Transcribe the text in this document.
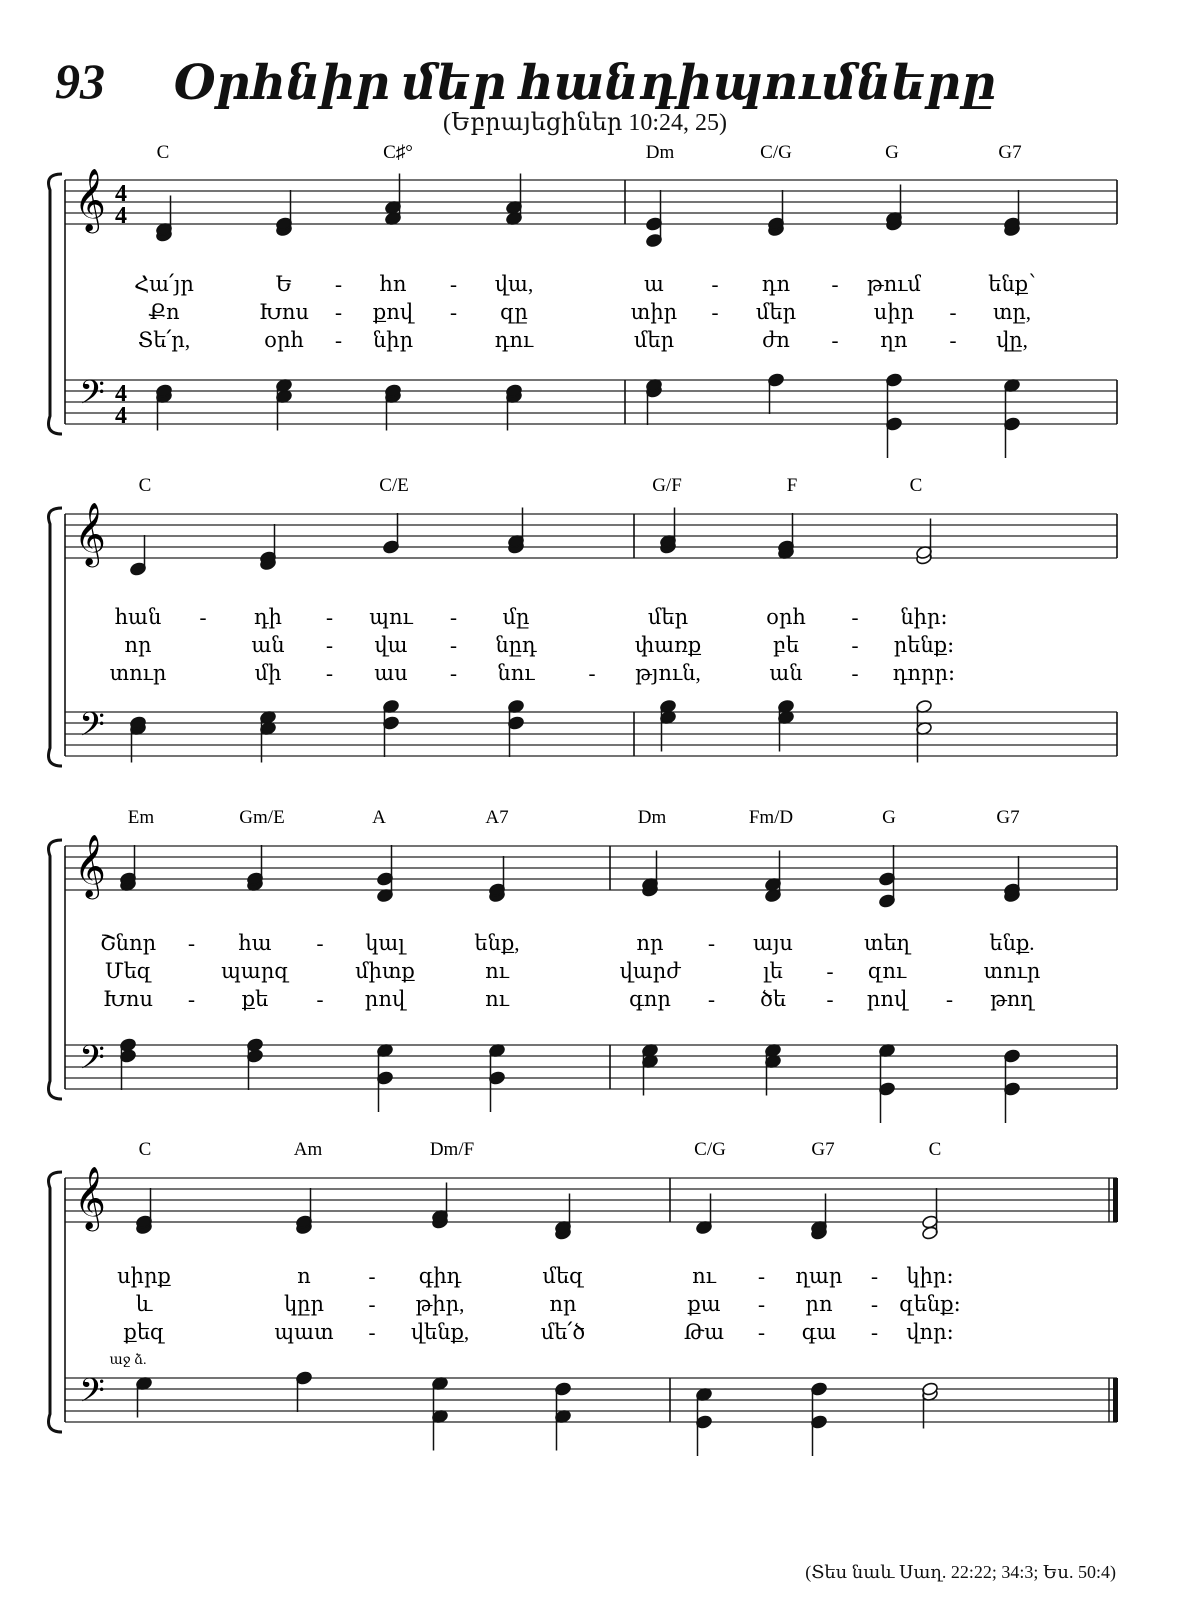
93	Օրհնիր մեր հանդիպումները
(Եբրայեցիներ 10:24, 25)
𝄞
𝄢
4
4
4
4
C	C♯°	Dm	C/G	G	G7
Հա՛յր	Ե	հո	վա,	ա	դո	թում	ենք՝
-	-	-	-
Քո	Խոս	քով	զը	տիր	մեր	սիր	տը,
-	-	-	-
Տե՛ր,	օրհ	նիր	դու	մեր	ժո	ղո	վը,
-	-	-
𝄞
𝄢
C	C/E	G/F	F	C
հան	դի	պու	մը	մեր	օրհ	նիր։
-	-	-	-
որ	ան	վա	նըդ	փառք	բե	րենք։
-	-	-
տուր	մի	աս	նու	թյուն,	ան	դորր։
-	-	-	-
𝄞
𝄢
Em	Gm/E	A	A7	Dm	Fm/D	G	G7
Շնոր	հա	կալ	ենք,	որ	այս	տեղ	ենք.
-	-	-
Մեզ	պարզ	միտք	ու	վարժ	լե	զու	տուր
-
Խոս	քե	րով	ու	գոր	ծե	րով	թող
-	-	-	-	-
𝄞
𝄢
C	Am	Dm/F	C/G	G7	C
սիրք	ո	գիդ	մեզ	ու	ղար	կիր։
-	-	-
և	կըր	թիր,	որ	քա	րո	զենք։
-	-	-
քեզ	պատ	վենք,	մե՛ծ	Թա	գա	վոր։
-	-	-
աջ ձ.
(Տես նաև Սաղ. 22:22; 34:3; Ես. 50:4)
